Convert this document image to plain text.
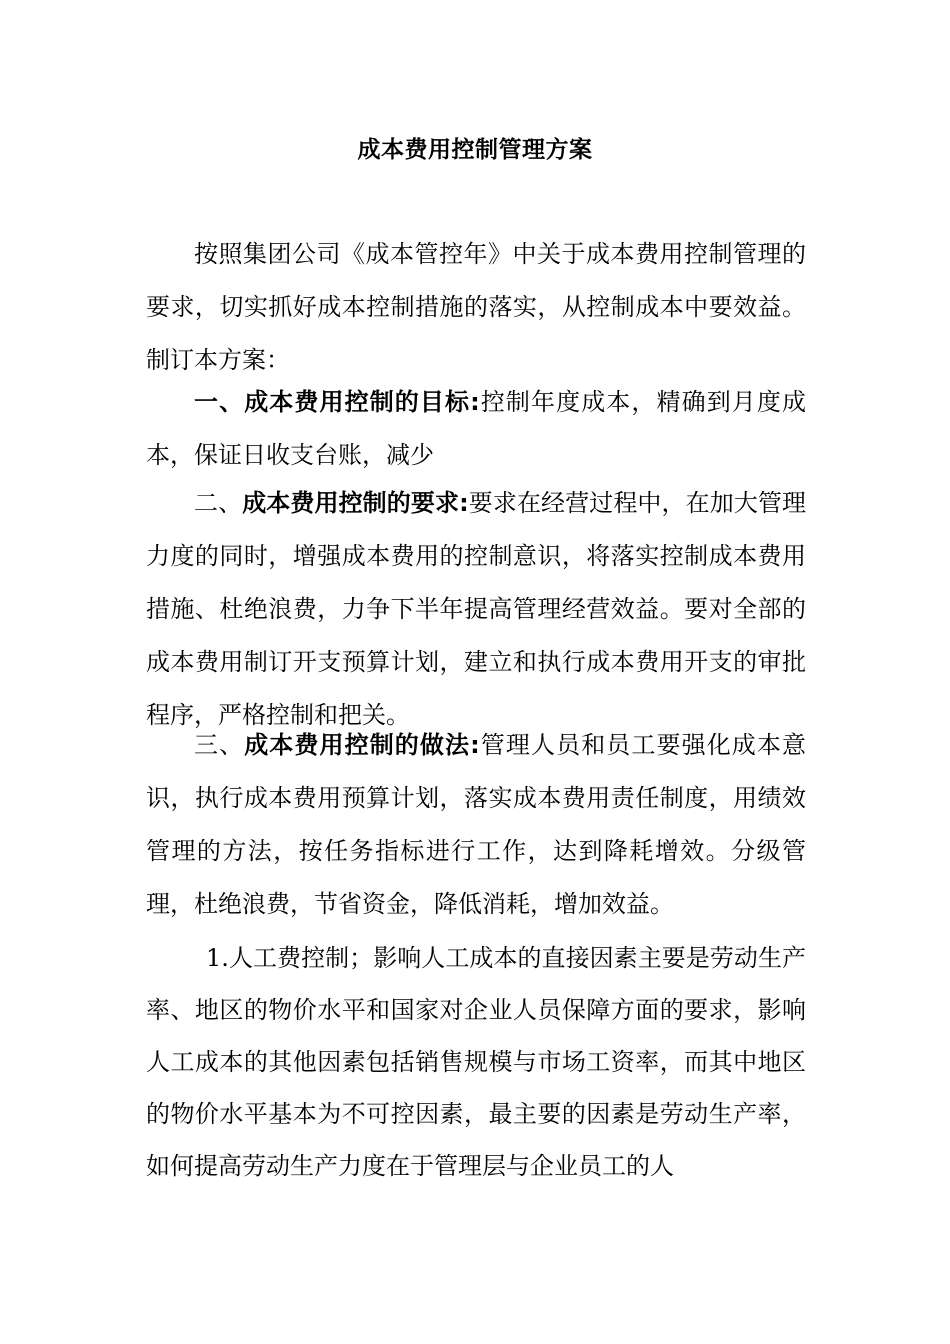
成本费用控制管理方案

按照集团公司《成本管控年》中关于成本费用控制管理的要求，切实抓好成本控制措施的落实，从控制成本中要效益。制订本方案：

一、成本费用控制的目标:控制年度成本，精确到月度成本，保证日收支台账，减少

二、成本费用控制的要求:要求在经营过程中，在加大管理力度的同时，增强成本费用的控制意识，将落实控制成本费用措施、杜绝浪费，力争下半年提高管理经营效益。要对全部的成本费用制订开支预算计划，建立和执行成本费用开支的审批程序，严格控制和把关。

三、成本费用控制的做法:管理人员和员工要强化成本意识，执行成本费用预算计划，落实成本费用责任制度，用绩效管理的方法，按任务指标进行工作，达到降耗增效。分级管理，杜绝浪费，节省资金，降低消耗，增加效益。

1.人工费控制；影响人工成本的直接因素主要是劳动生产率、地区的物价水平和国家对企业人员保障方面的要求，影响人工成本的其他因素包括销售规模与市场工资率，而其中地区的物价水平基本为不可控因素，最主要的因素是劳动生产率，如何提高劳动生产力度在于管理层与企业员工的人
